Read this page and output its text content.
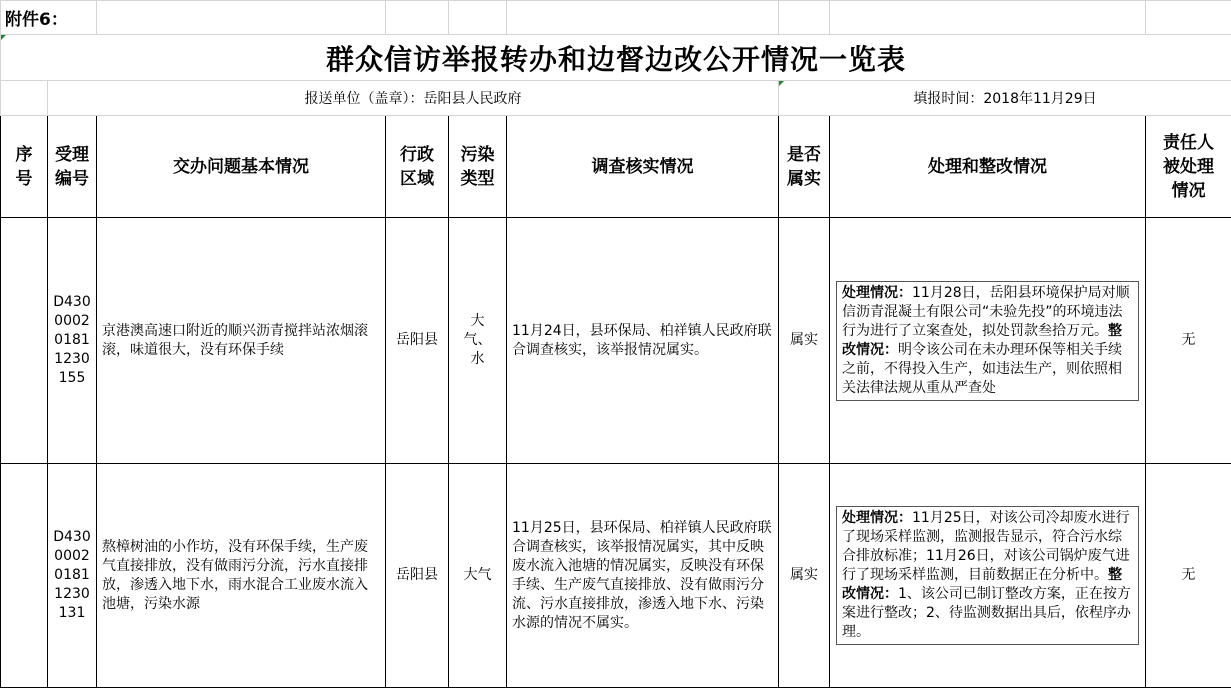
附件6：								
群众信访举报转办和边督边改公开情况一览表								
	报送单位（盖章）：岳阳县人民政府					填报时间：2018年11月29日		

序号	受理编号	交办问题基本情况	行政区域	污染类型	调查核实情况	是否属实	处理和整改情况	责任人被处理情况

	D430 0002 0181 1230 155	京港澳高速口附近的顺兴沥青搅拌站浓烟滚滚，味道很大，没有环保手续	岳阳县	大气、水	11月24日，县环保局、柏祥镇人民政府联合调查核实，该举报情况属实。	属实	处理情况：11月28日，岳阳县环境保护局对顺信沥青混凝土有限公司“未验先投”的环境违法行为进行了立案查处，拟处罚款叁拾万元。整改情况：明令该公司在未办理环保等相关手续之前，不得投入生产，如违法生产，则依照相关法律法规从重从严查处	无

	D430 0002 0181 1230 131	熬樟树油的小作坊，没有环保手续，生产废气直接排放，没有做雨污分流，污水直接排放，渗透入地下水，雨水混合工业废水流入池塘，污染水源	岳阳县	大气	11月25日，县环保局、柏祥镇人民政府联合调查核实，该举报情况属实，其中反映废水流入池塘的情况属实，反映没有环保手续、生产废气直接排放、没有做雨污分流、污水直接排放，渗透入地下水、污染水源的情况不属实。	属实	处理情况：11月25日，对该公司冷却废水进行了现场采样监测，监测报告显示，符合污水综合排放标准；11月26日，对该公司锅炉废气进行了现场采样监测，目前数据正在分析中。整改情况：1、该公司已制订整改方案，正在按方案进行整改；2、待监测数据出具后，依程序办理。	无
